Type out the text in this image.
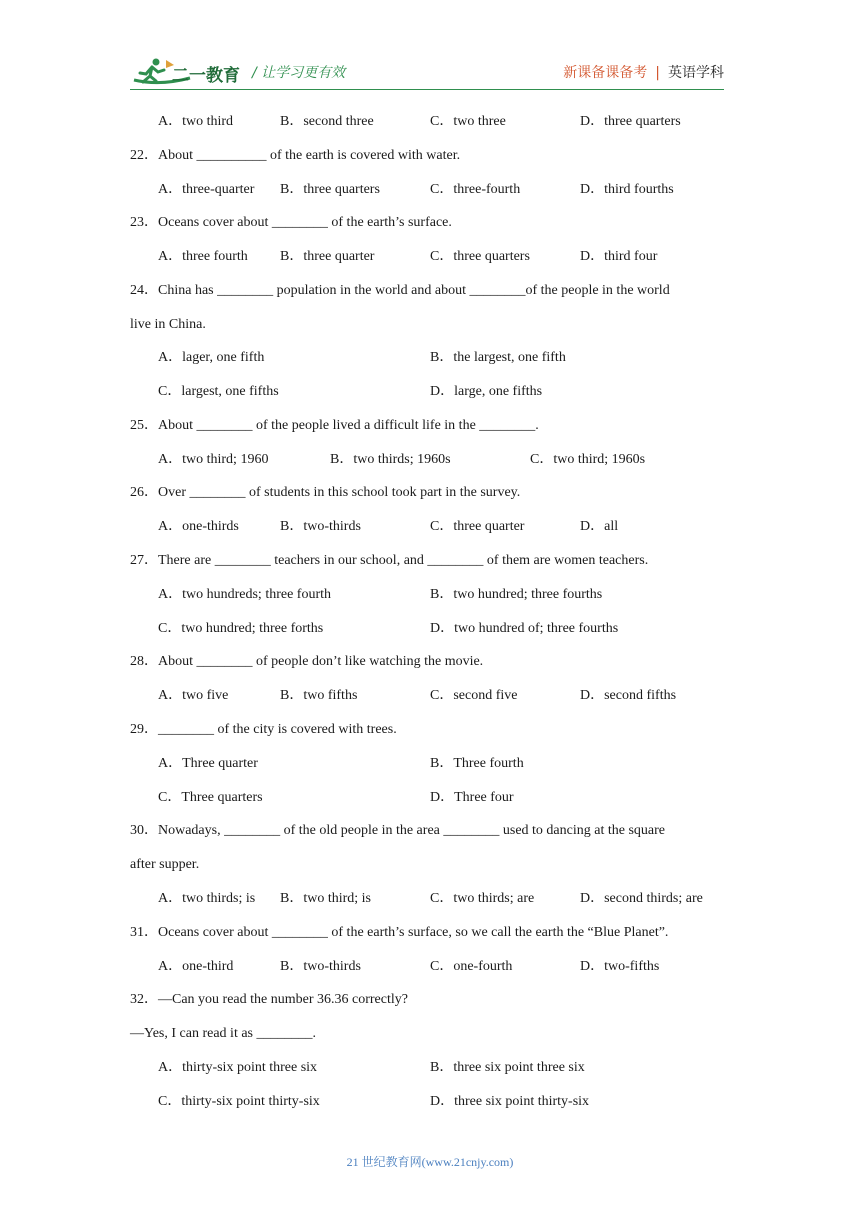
二一教育 / 让学习更有效	新课备课备考 | 英语学科
A．two third	B．second three	C．two three	D．three quarters
22．About __________ of the earth is covered with water.
A．three-quarter B．three quarters	C．three-fourth	D．third fourths
23．Oceans cover about ________ of the earth’s surface.
A．three fourth B．three quarter	C．three quarters	D．third four
24．China has ________ population in the world and about ________of the people in the world
live in China.
A．lager, one fifth	B．the largest, one fifth
C．largest, one fifths	D．large, one fifths
25．About ________ of the people lived a difficult life in the ________.
A．two third; 1960	B．two thirds; 1960s	C．two third; 1960s
26．Over ________ of students in this school took part in the survey.
A．one-thirds	B．two-thirds	C．three quarter	D．all
27．There are ________ teachers in our school, and ________ of them are women teachers.
A．two hundreds; three fourth	B．two hundred; three fourths
C．two hundred; three forths	D．two hundred of; three fourths
28．About ________ of people don’t like watching the movie.
A．two five	B．two fifths	C．second five	D．second fifths
29．________ of the city is covered with trees.
A．Three quarter	B．Three fourth
C．Three quarters	D．Three four
30．Nowadays, ________ of the old people in the area ________ used to dancing at the square
after supper.
A．two thirds; is B．two third; is	C．two thirds; are	D．second thirds; are
31．Oceans cover about ________ of the earth’s surface, so we call the earth the “Blue Planet”.
A．one-third	B．two-thirds	C．one-fourth	D．two-fifths
32．—Can you read the number 36.36 correctly?
—Yes, I can read it as ________.
A．thirty-six point three six	B．three six point three six
C．thirty-six point thirty-six	D．three six point thirty-six
21 世纪教育网(www.21cnjy.com)
